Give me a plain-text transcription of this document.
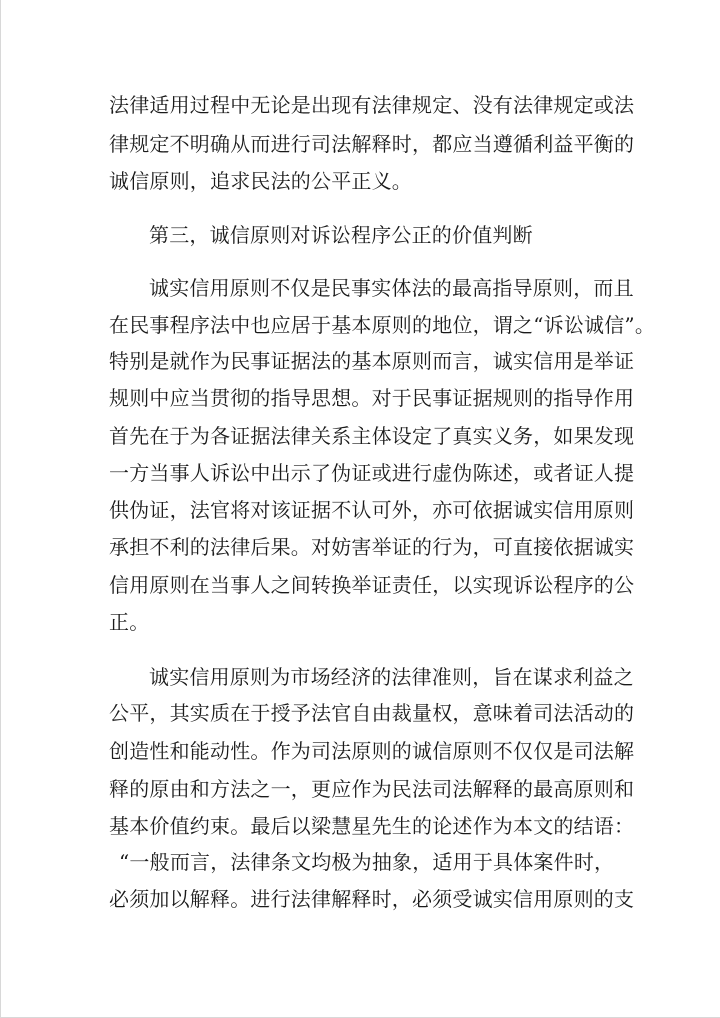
法律适用过程中无论是出现有法律规定、没有法律规定或法
律规定不明确从而进行司法解释时，都应当遵循利益平衡的
诚信原则，追求民法的公平正义。
第三，诚信原则对诉讼程序公正的价值判断
诚实信用原则不仅是民事实体法的最高指导原则，而且
在民事程序法中也应居于基本原则的地位，谓之“诉讼诚信”。
特别是就作为民事证据法的基本原则而言，诚实信用是举证
规则中应当贯彻的指导思想。对于民事证据规则的指导作用
首先在于为各证据法律关系主体设定了真实义务，如果发现
一方当事人诉讼中出示了伪证或进行虚伪陈述，或者证人提
供伪证，法官将对该证据不认可外，亦可依据诚实信用原则
承担不利的法律后果。对妨害举证的行为，可直接依据诚实
信用原则在当事人之间转换举证责任，以实现诉讼程序的公
正。
诚实信用原则为市场经济的法律准则，旨在谋求利益之
公平，其实质在于授予法官自由裁量权，意味着司法活动的
创造性和能动性。作为司法原则的诚信原则不仅仅是司法解
释的原由和方法之一，更应作为民法司法解释的最高原则和
基本价值约束。最后以梁慧星先生的论述作为本文的结语：
“一般而言，法律条文均极为抽象，适用于具体案件时，
必须加以解释。进行法律解释时，必须受诚实信用原则的支
